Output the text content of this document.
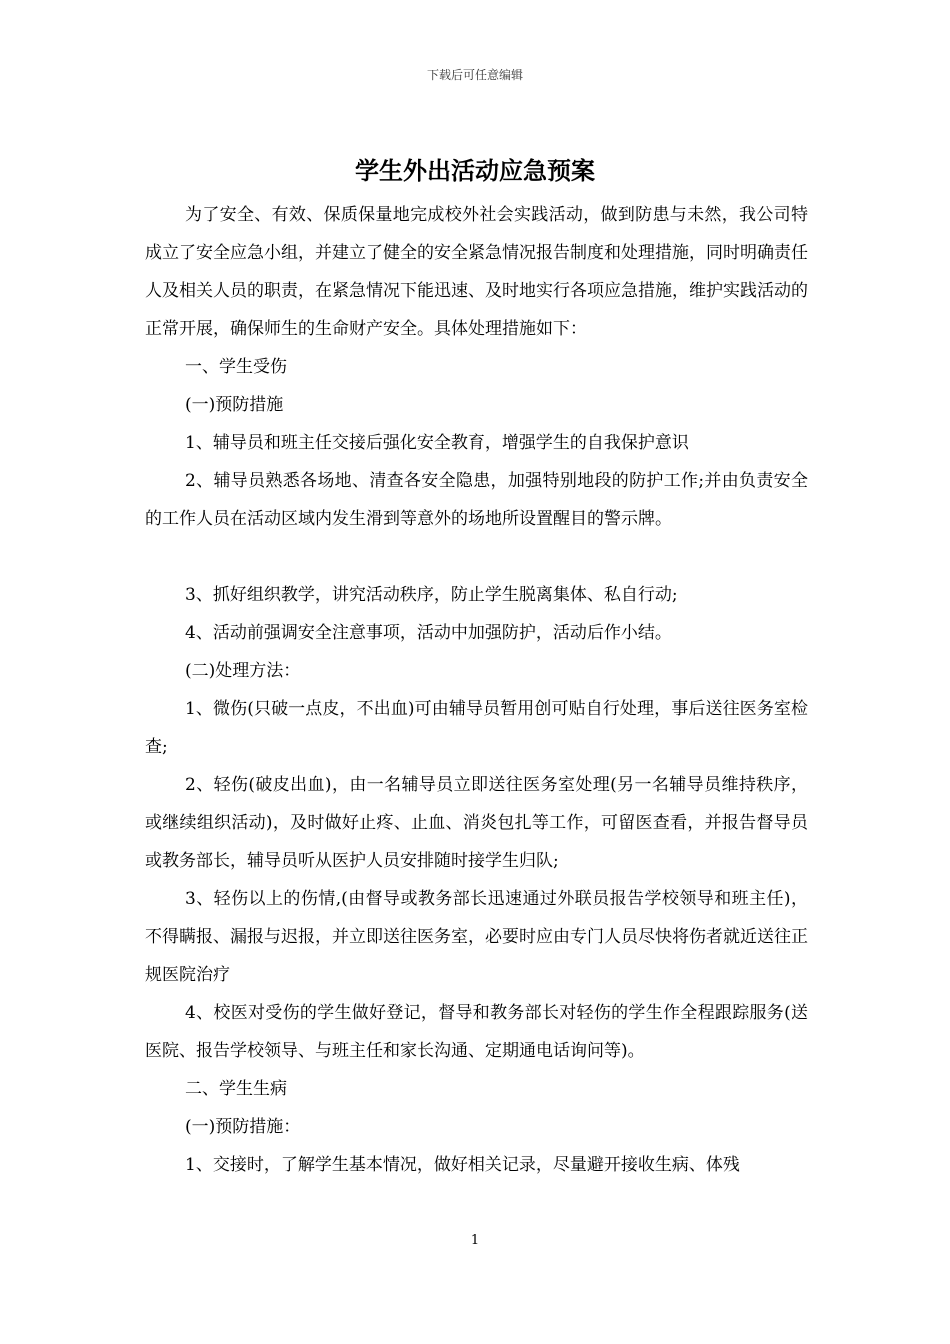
下载后可任意编辑
学生外出活动应急预案

为了安全、有效、保质保量地完成校外社会实践活动，做到防患与未然，我公司特成立了安全应急小组，并建立了健全的安全紧急情况报告制度和处理措施，同时明确责任人及相关人员的职责，在紧急情况下能迅速、及时地实行各项应急措施，维护实践活动的正常开展，确保师生的生命财产安全。具体处理措施如下：

一、学生受伤

(一)预防措施

1、辅导员和班主任交接后强化安全教育，增强学生的自我保护意识

2、辅导员熟悉各场地、清查各安全隐患，加强特别地段的防护工作;并由负责安全的工作人员在活动区域内发生滑到等意外的场地所设置醒目的警示牌。

3、抓好组织教学，讲究活动秩序，防止学生脱离集体、私自行动;

4、活动前强调安全注意事项，活动中加强防护，活动后作小结。

(二)处理方法：

1、微伤(只破一点皮，不出血)可由辅导员暂用创可贴自行处理，事后送往医务室检查;

2、轻伤(破皮出血)，由一名辅导员立即送往医务室处理(另一名辅导员维持秩序，或继续组织活动)，及时做好止疼、止血、消炎包扎等工作，可留医查看，并报告督导员或教务部长，辅导员听从医护人员安排随时接学生归队;

3、轻伤以上的伤情,(由督导或教务部长迅速通过外联员报告学校领导和班主任)，不得瞒报、漏报与迟报，并立即送往医务室，必要时应由专门人员尽快将伤者就近送往正规医院治疗

4、校医对受伤的学生做好登记，督导和教务部长对轻伤的学生作全程跟踪服务(送医院、报告学校领导、与班主任和家长沟通、定期通电话询问等)。

二、学生生病

(一)预防措施：

1、交接时，了解学生基本情况，做好相关记录，尽量避开接收生病、体残

1
